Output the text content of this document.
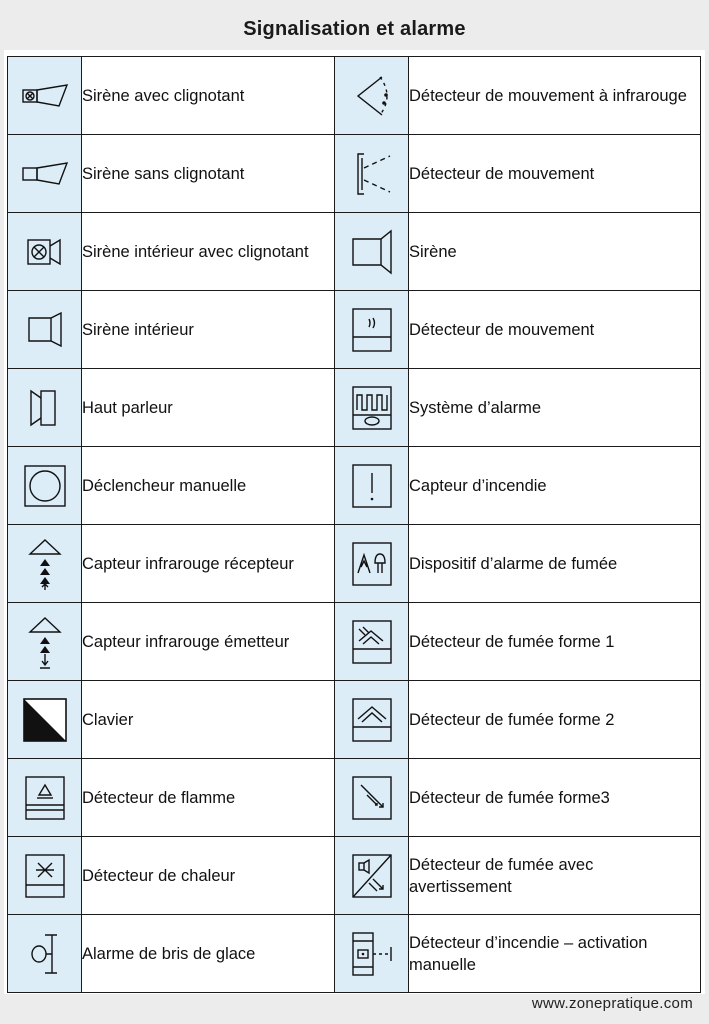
Signalisation et alarme
	Sirène avec clignotant		Détecteur de mouvement à infrarouge

	Sirène sans clignotant		Détecteur de mouvement

	Sirène intérieur avec clignotant		Sirène

	Sirène intérieur		Détecteur de mouvement

	Haut parleur		Système d’alarme

	Déclencheur manuelle		Capteur d’incendie

	Capteur infrarouge récepteur		Dispositif d’alarme de fumée

	Capteur infrarouge émetteur		Détecteur de fumée forme 1

	Clavier		Détecteur de fumée forme 2

	Détecteur de flamme		Détecteur de fumée forme3

	Détecteur de chaleur		Détecteur de fumée avec avertissement

	Alarme de bris de glace		Détecteur d’incendie – activation manuelle
www.zonepratique.com
